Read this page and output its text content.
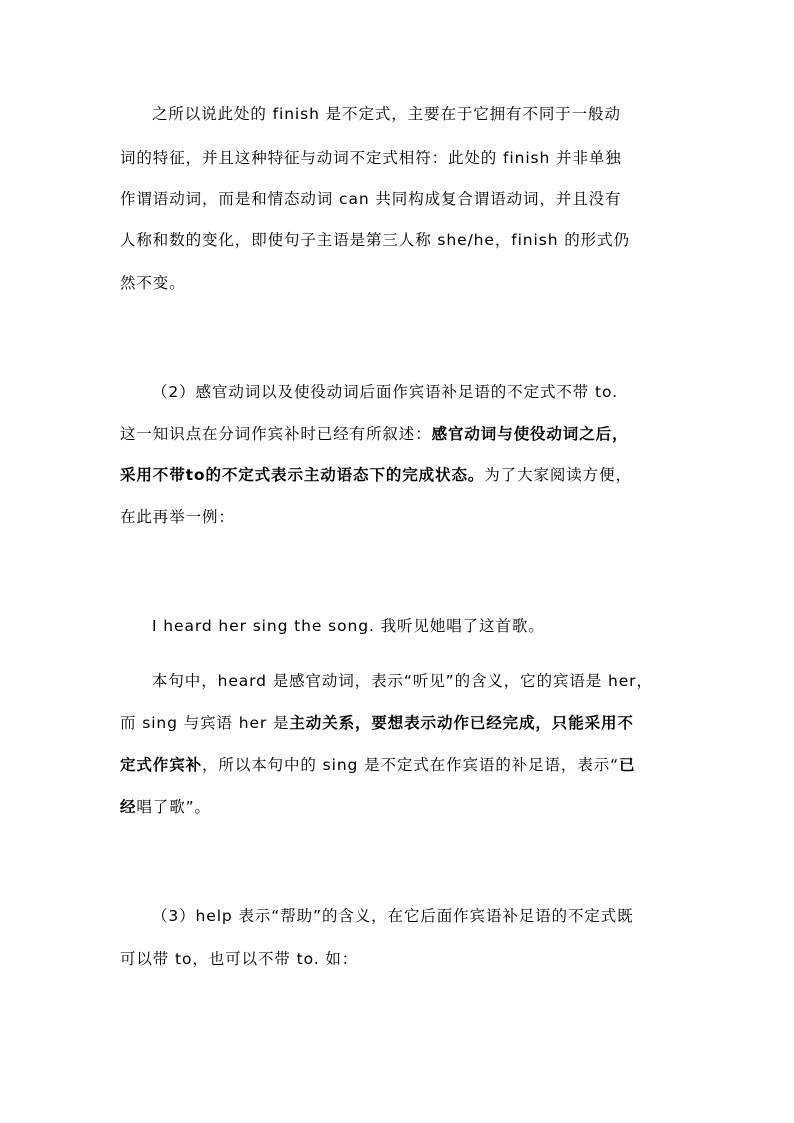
之所以说此处的 finish 是不定式，主要在于它拥有不同于一般动
词的特征，并且这种特征与动词不定式相符：此处的 finish 并非单独
作谓语动词，而是和情态动词 can 共同构成复合谓语动词，并且没有
人称和数的变化，即使句子主语是第三人称 she/he，finish 的形式仍
然不变。
（2）感官动词以及使役动词后面作宾语补足语的不定式不带 to.
这一知识点在分词作宾补时已经有所叙述：感官动词与使役动词之后，
采用不带to的不定式表示主动语态下的完成状态。为了大家阅读方便，
在此再举一例：
I heard her sing the song. 我听见她唱了这首歌。
本句中，heard 是感官动词，表示“听见”的含义，它的宾语是 her，
而 sing 与宾语 her 是主动关系，要想表示动作已经完成，只能采用不
定式作宾补，所以本句中的 sing 是不定式在作宾语的补足语，表示“已
经唱了歌”。
（3）help 表示“帮助”的含义，在它后面作宾语补足语的不定式既
可以带 to，也可以不带 to. 如：
